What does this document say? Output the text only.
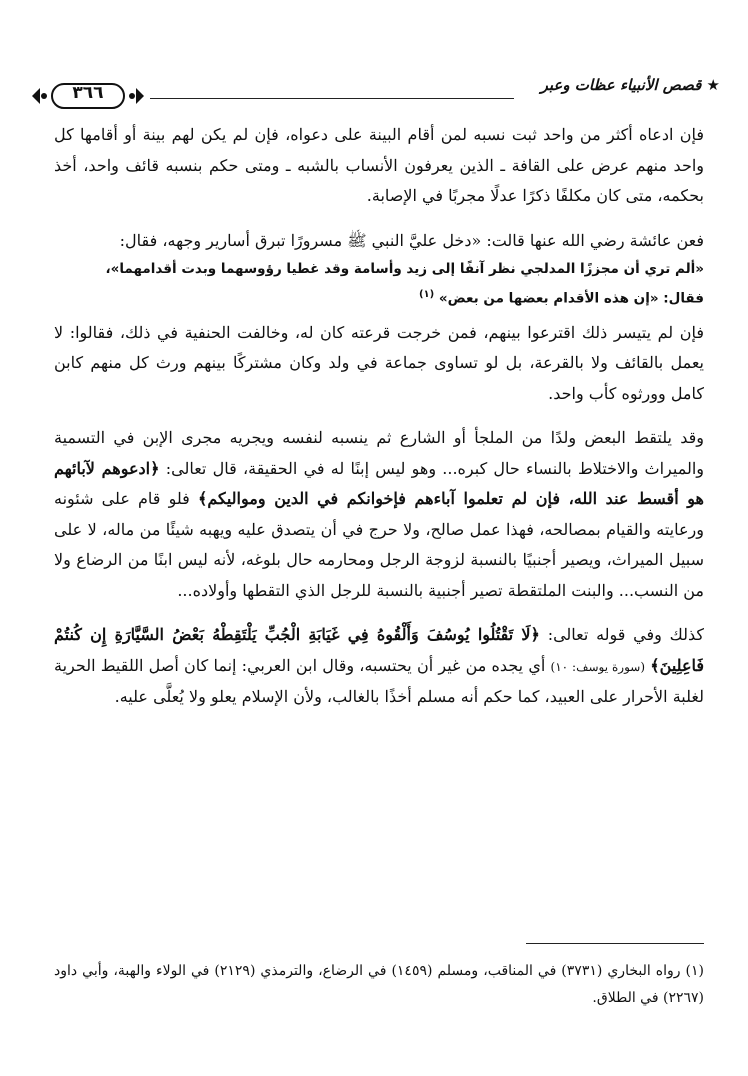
★ قصص الأنبياء عظات وعبر
٣٦٦

فإن ادعاه أكثر من واحد ثبت نسبه لمن أقام البينة على دعواه، فإن لم يكن لهم بينة أو أقامها كل واحد منهم عرض على القافة ـ الذين يعرفون الأنساب بالشبه ـ ومتى حكم بنسبه قائف واحد، أخذ بحكمه، متى كان مكلفًا ذكرًا عدلًا مجربًا في الإصابة.

فعن عائشة رضي الله عنها قالت: «دخل عليَّ النبي ﷺ مسرورًا تبرق أسارير وجهه، فقال:

«ألم تري أن مجززًا المدلجي نظر آنفًا إلى زيد وأسامة وقد غطيا رؤوسهما وبدت أقدامهما»،

فقال: «إن هذه الأقدام بعضها من بعض» $^{(١)}$

فإن لم يتيسر ذلك اقترعوا بينهم، فمن خرجت قرعته كان له، وخالفت الحنفية في ذلك، فقالوا: لا يعمل بالقائف ولا بالقرعة، بل لو تساوى جماعة في ولد وكان مشتركًا بينهم ورث كل منهم كابن كامل وورثوه كأب واحد.

وقد يلتقط البعض ولدًا من الملجأ أو الشارع ثم ينسبه لنفسه ويجريه مجرى الإبن في التسمية والميراث والاختلاط بالنساء حال كبره... وهو ليس إبنًا له في الحقيقة، قال تعالى: ﴿ادعوهم لآبائهم هو أقسط عند الله، فإن لم تعلموا آباءهم فإخوانكم في الدين ومواليكم﴾ فلو قام على شئونه ورعايته والقيام بمصالحه، فهذا عمل صالح، ولا حرج في أن يتصدق عليه ويهبه شيئًا من ماله، لا على سبيل الميراث، ويصير أجنبيًا بالنسبة لزوجة الرجل ومحارمه حال بلوغه، لأنه ليس ابنًا من الرضاع ولا من النسب... والبنت الملتقطة تصير أجنبية بالنسبة للرجل الذي التقطها وأولاده...

كذلك وفي قوله تعالى: ﴿لَا تَقْتُلُوا يُوسُفَ وَأَلْقُوهُ فِي غَيَابَةِ الْجُبِّ يَلْتَقِطْهُ بَعْضُ السَّيَّارَةِ إِن كُنتُمْ فَاعِلِينَ﴾ (سورة يوسف: ١٠) أي يجده من غير أن يحتسبه، وقال ابن العربي: إنما كان أصل اللقيط الحرية لغلبة الأحرار على العبيد، كما حكم أنه مسلم أخذًا بالغالب، ولأن الإسلام يعلو ولا يُعلَّى عليه.

(١) رواه البخاري (٣٧٣١) في المناقب، ومسلم (١٤٥٩) في الرضاع، والترمذي (٢١٢٩) في الولاء والهبة، وأبي داود (٢٢٦٧) في الطلاق.
